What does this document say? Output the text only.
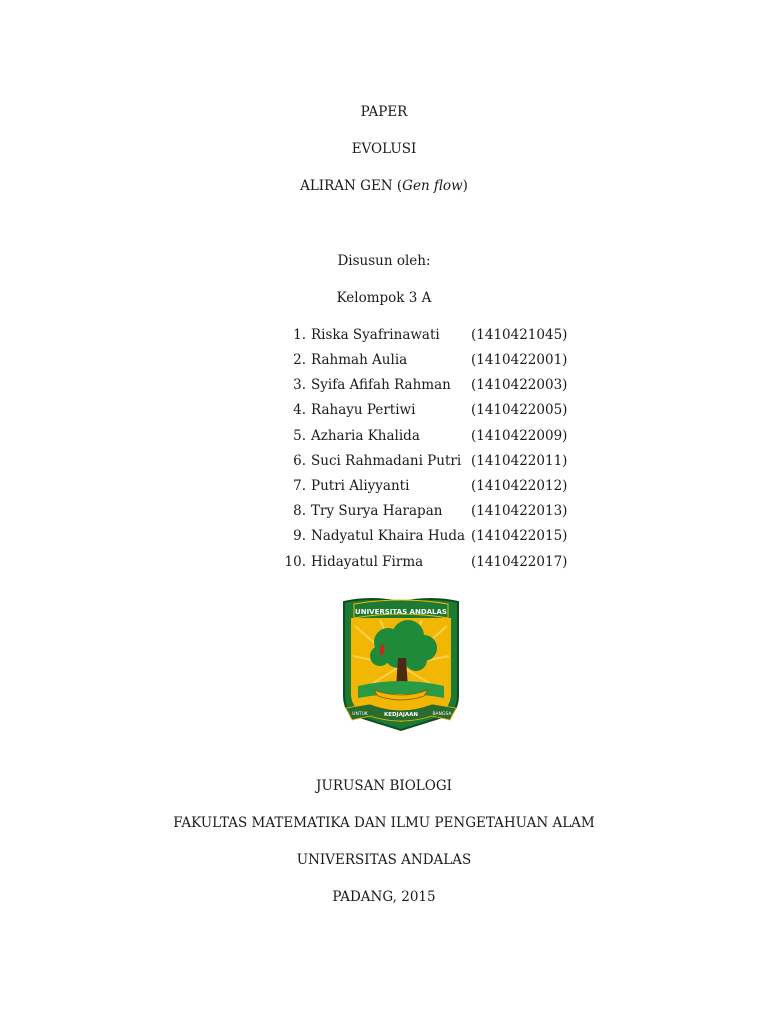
PAPER
EVOLUSI
ALIRAN GEN (Gen flow)
Disusun oleh:
Kelompok 3 A
1. Riska Syafrinawati (1410421045)
2. Rahmah Aulia	(1410422001)
3. Syifa Afifah Rahman (1410422003)
4. Rahayu Pertiwi	(1410422005)
5. Azharia Khalida	(1410422009)
6. Suci Rahmadani Putri (1410422011)
7. Putri Aliyyanti	(1410422012)
8. Try Surya Harapan (1410422013)
9. Nadyatul Khaira Huda (1410422015)
10. Hidayatul Firma	(1410422017)
UNIVERSITAS ANDALAS
KEDJAJAAN
UNTUK	BANGSA
JURUSAN BIOLOGI
FAKULTAS MATEMATIKA DAN ILMU PENGETAHUAN ALAM
UNIVERSITAS ANDALAS
PADANG, 2015
